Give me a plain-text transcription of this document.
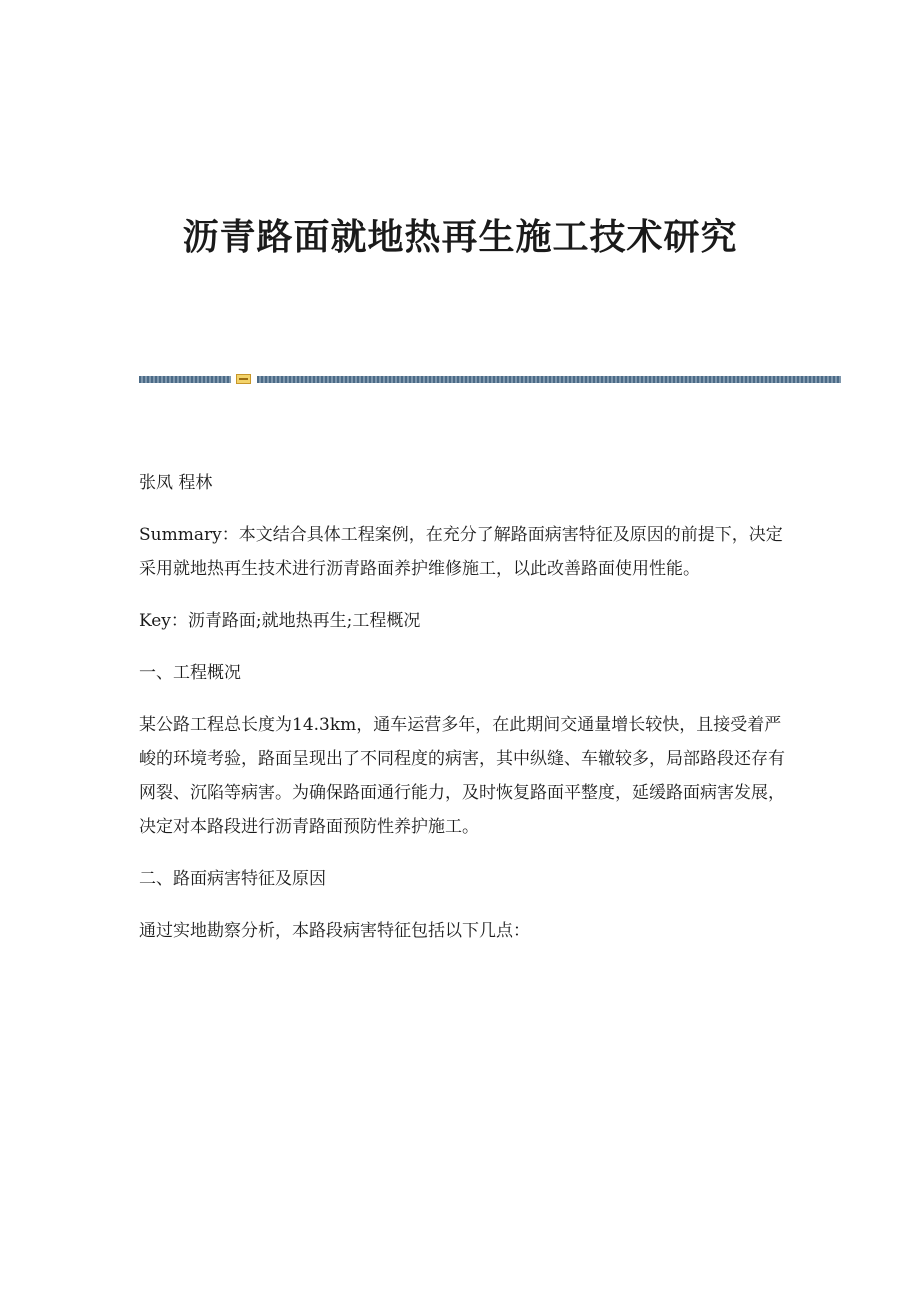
沥青路面就地热再生施工技术研究

张凤 程林

Summary：本文结合具体工程案例，在充分了解路面病害特征及原因的前提下，决定采用就地热再生技术进行沥青路面养护维修施工，以此改善路面使用性能。

Key：沥青路面;就地热再生;工程概况

一、工程概况

某公路工程总长度为14.3km，通车运营多年，在此期间交通量增长较快，且接受着严峻的环境考验，路面呈现出了不同程度的病害，其中纵缝、车辙较多，局部路段还存有网裂、沉陷等病害。为确保路面通行能力，及时恢复路面平整度，延缓路面病害发展，决定对本路段进行沥青路面预防性养护施工。

二、路面病害特征及原因

通过实地勘察分析，本路段病害特征包括以下几点：
